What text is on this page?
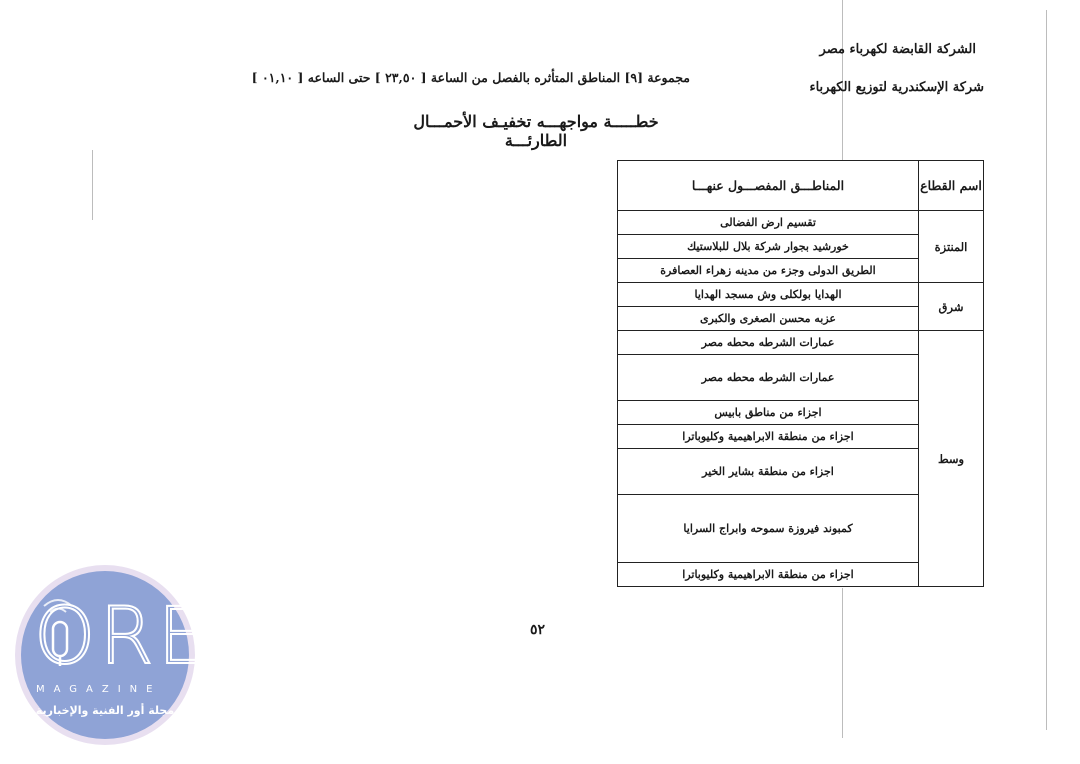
الشركة القابضة لكهرباء مصر
شركة الإسكندرية لتوزيع الكهرباء
مجموعة [٩] المناطق المتأثره بالفصل من الساعة [ ٢٣,٥٠ ] حتى الساعه [ ٠١,١٠ ]
خطـــــة مواجهـــه تخفيـف الأحمـــال الطارئـــة
اسم القطاع	المناطـــق المفصـــول عنهـــا
المنتزة	تقسيم ارض الفضالى
	خورشيد بجوار شركة بلال للبلاستيك
	الطريق الدولى وجزء من مدينه زهراء العصافرة
شرق	الهدايا بولكلى وش مسجد الهدايا
	عزبه محسن الصغرى والكبرى
وسط	عمارات الشرطه محطه مصر
	عمارات الشرطه محطه مصر
	اجزاء من مناطق بابيس
	اجزاء من منطقة الابراهيمية وكليوباترا
	اجزاء من منطقة بشاير الخير
	كمبوند فيروزة سموحه وابراج السرايا
	اجزاء من منطقة الابراهيمية وكليوباترا
٥٢
ORE
MAGAZINE
مجلة أور الفنية والإخبارية
